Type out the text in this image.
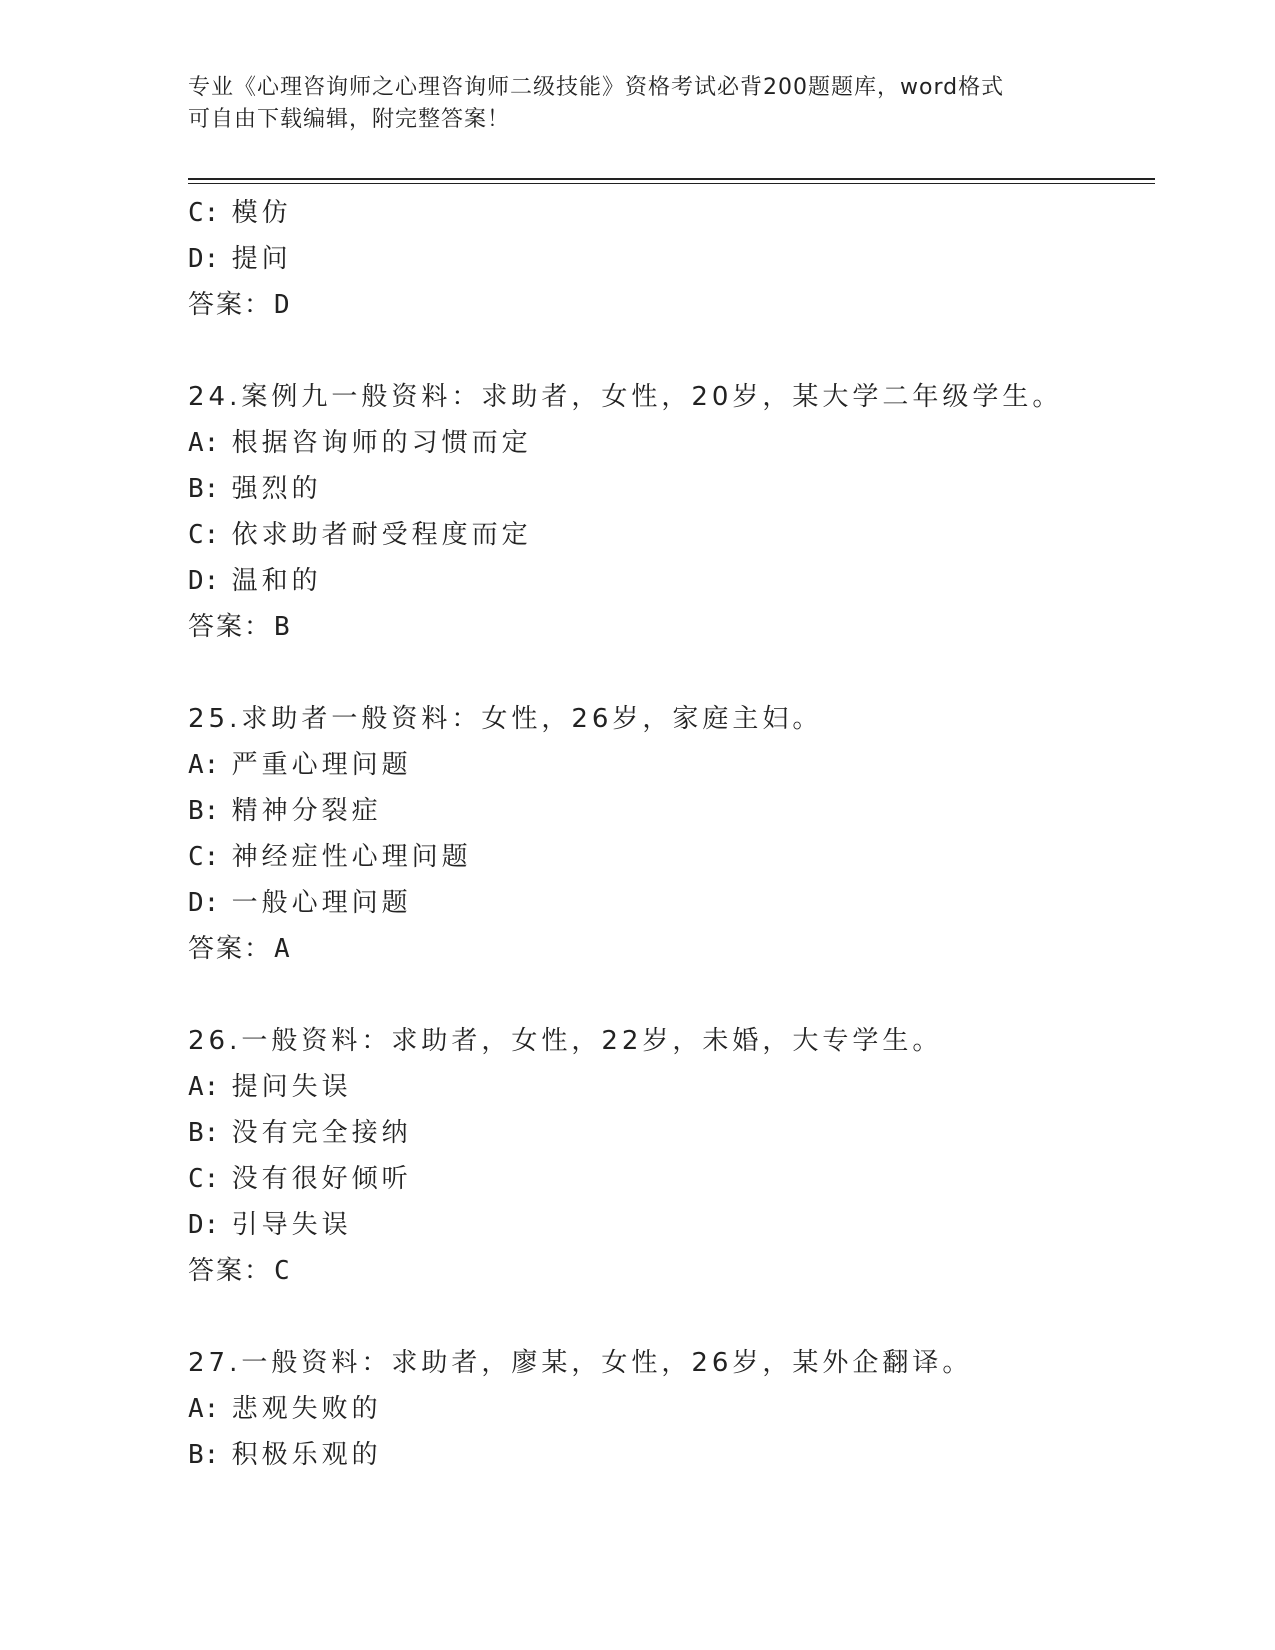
专业《心理咨询师之心理咨询师二级技能》资格考试必背200题题库，word格式
可自由下载编辑，附完整答案！
C: 模仿
D: 提问
答案：D
24.案例九一般资料：求助者，女性，20岁，某大学二年级学生。
A: 根据咨询师的习惯而定
B: 强烈的
C: 依求助者耐受程度而定
D: 温和的
答案：B
25.求助者一般资料：女性，26岁，家庭主妇。
A: 严重心理问题
B: 精神分裂症
C: 神经症性心理问题
D: 一般心理问题
答案：A
26.一般资料：求助者，女性，22岁，未婚，大专学生。
A: 提问失误
B: 没有完全接纳
C: 没有很好倾听
D: 引导失误
答案：C
27.一般资料：求助者，廖某，女性，26岁，某外企翻译。
A: 悲观失败的
B: 积极乐观的
